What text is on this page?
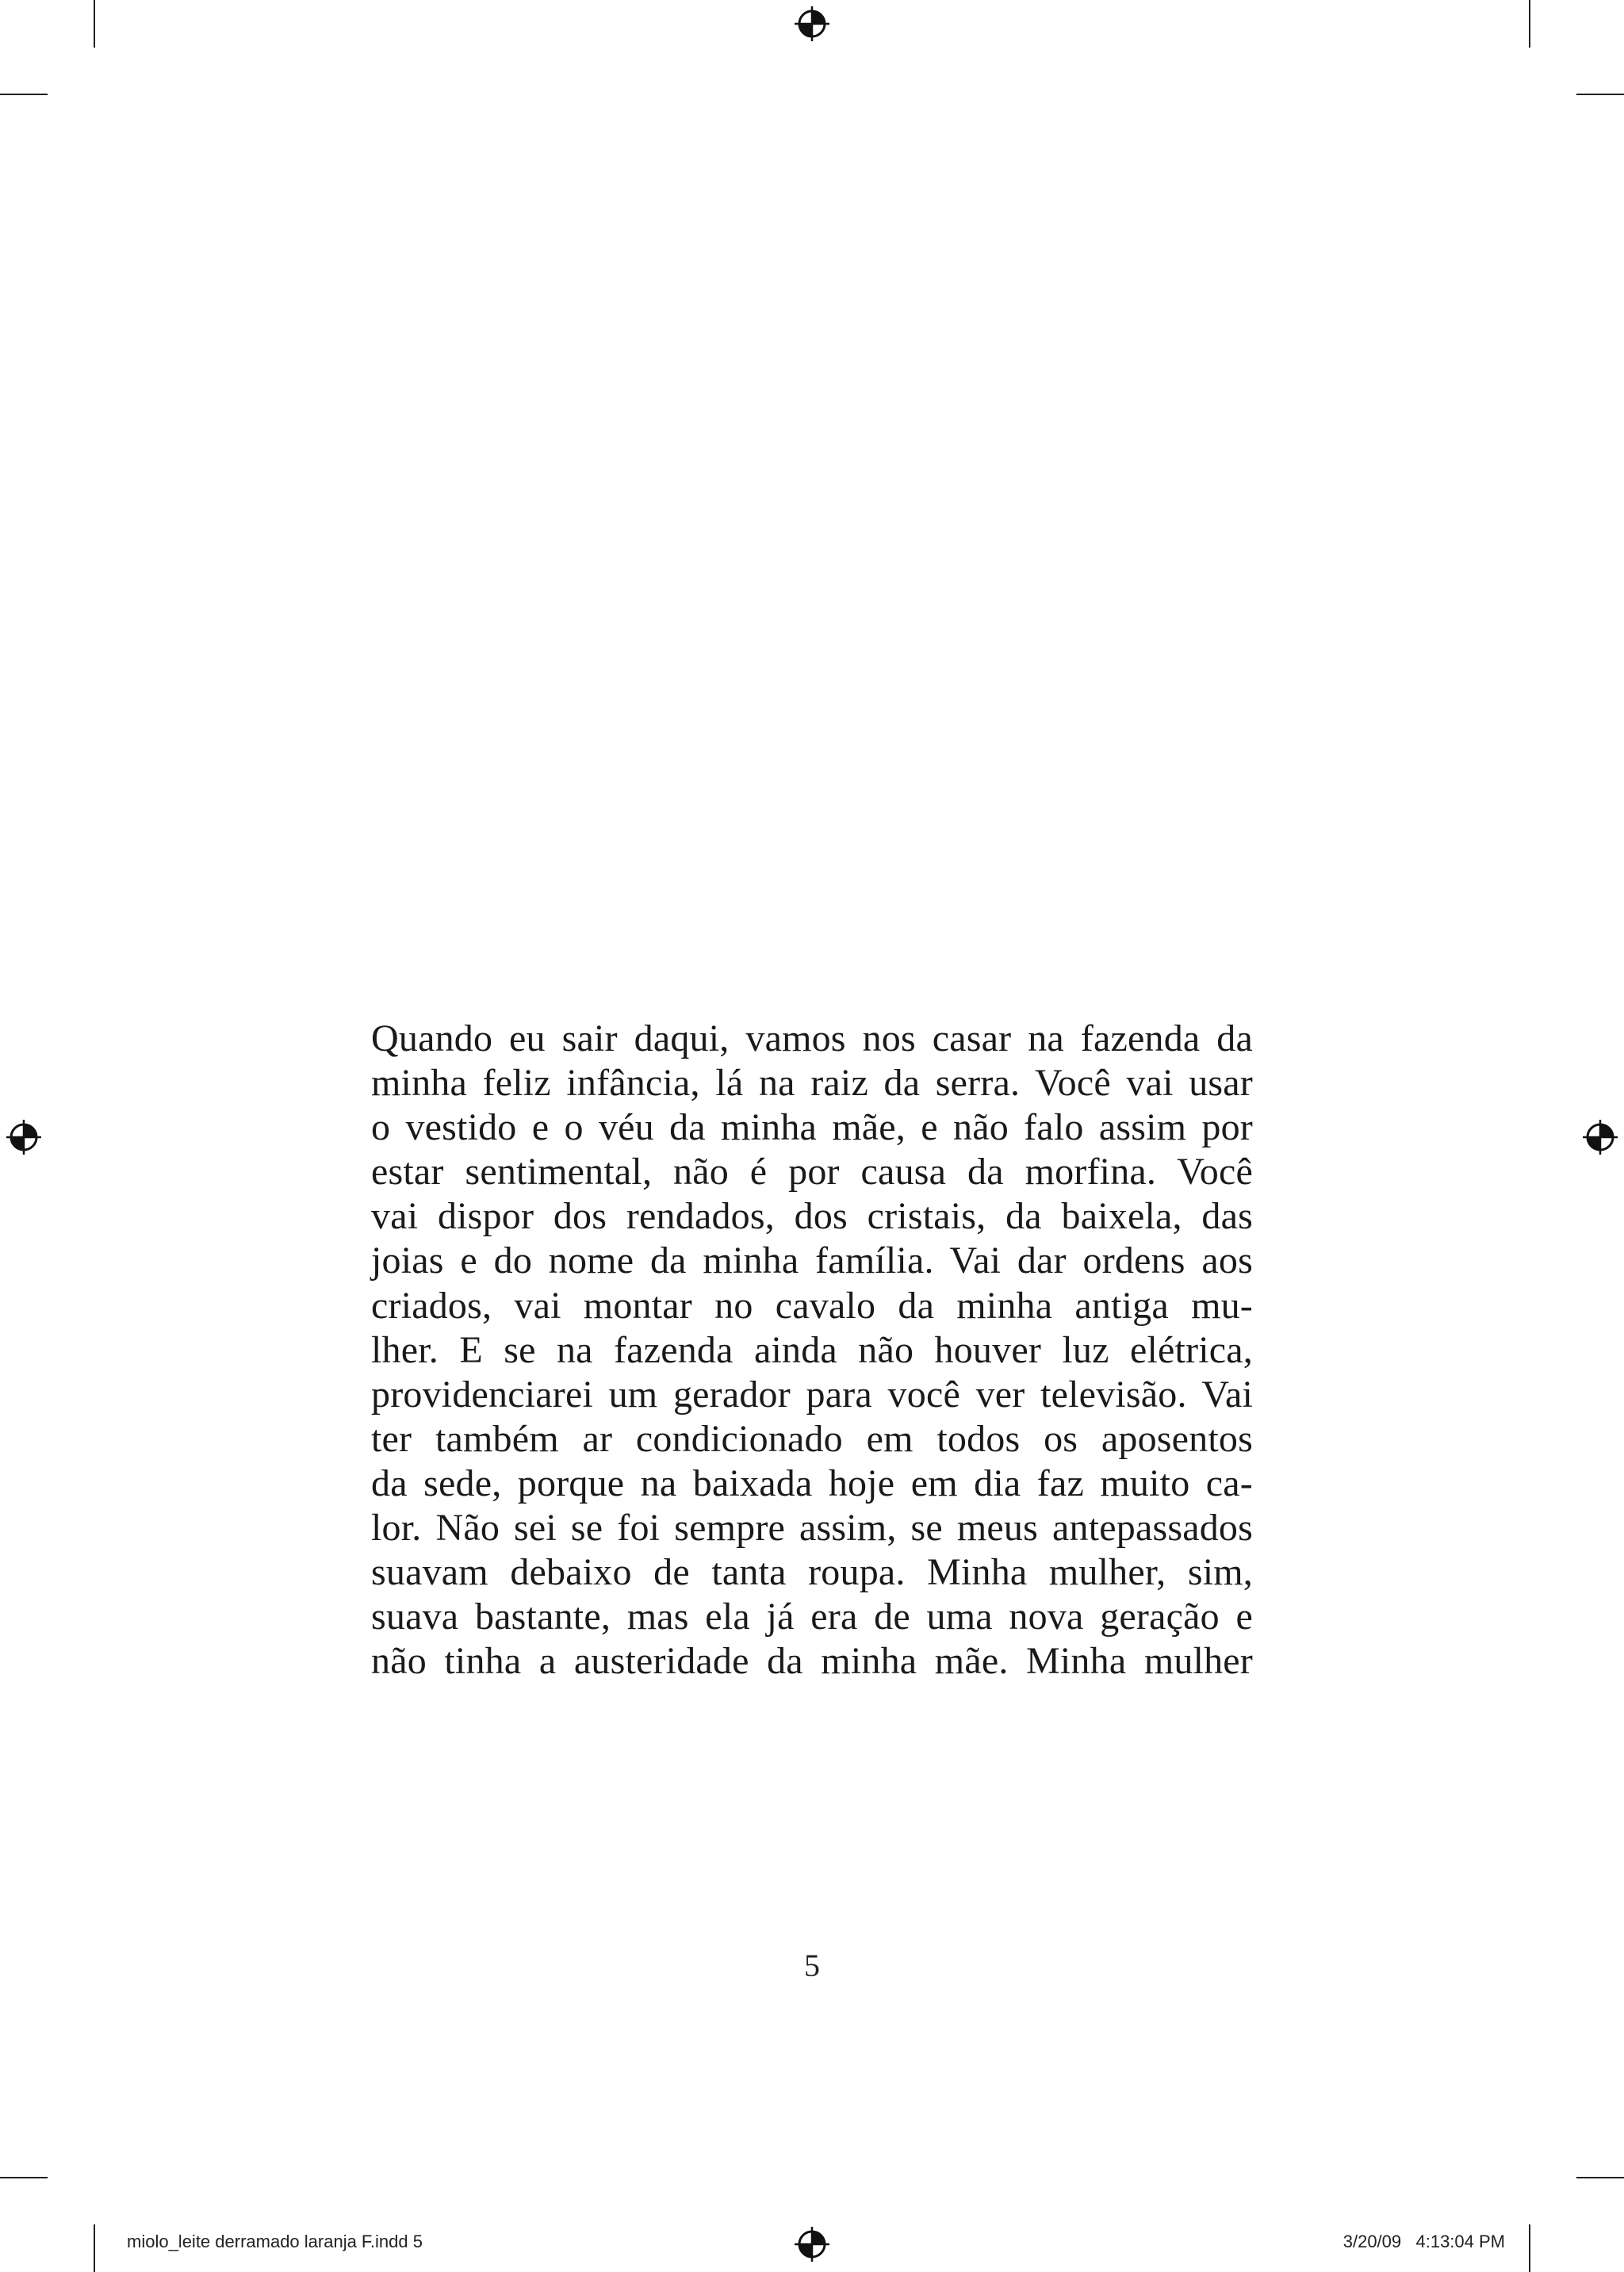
Quando eu sair daqui, vamos nos casar na fazenda da
minha feliz infância, lá na raiz da serra. Você vai usar
o vestido e o véu da minha mãe, e não falo assim por
estar sentimental, não é por causa da morfina. Você
vai dispor dos rendados, dos cristais, da baixela, das
joias e do nome da minha família. Vai dar ordens aos
criados, vai montar no cavalo da minha antiga mu-
lher. E se na fazenda ainda não houver luz elétrica,
providenciarei um gerador para você ver televisão. Vai
ter também ar condicionado em todos os aposentos
da sede, porque na baixada hoje em dia faz muito ca-
lor. Não sei se foi sempre assim, se meus antepassados
suavam debaixo de tanta roupa. Minha mulher, sim,
suava bastante, mas ela já era de uma nova geração e
não tinha a austeridade da minha mãe. Minha mulher
5
miolo_leite derramado laranja F.indd 5	3/20/09 4:13:04 PM
